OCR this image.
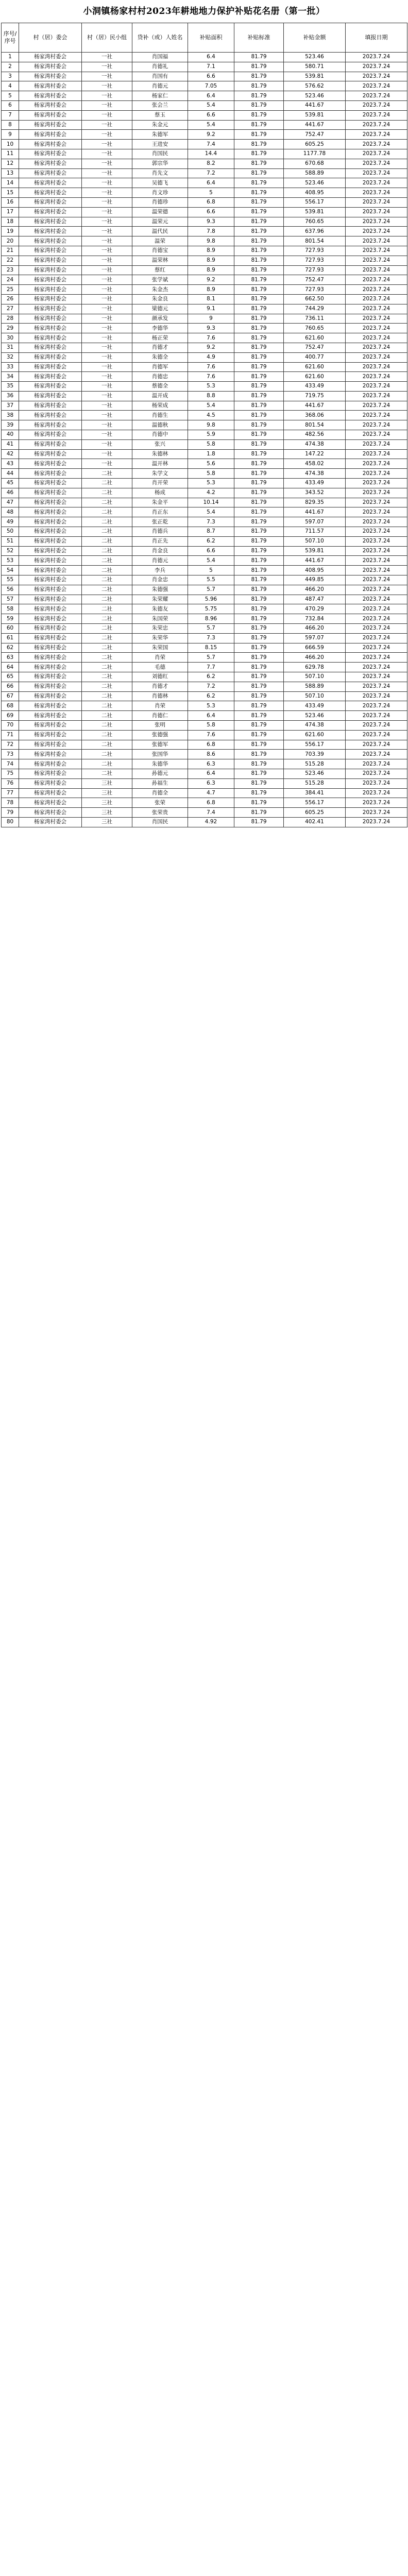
小洞镇杨家村村2023年耕地地力保护补贴花名册（第一批）
序号/序号	村（居）委会	村（居）民小组	贷补（或）人姓名	补贴面积	补贴标准	补贴金额	填报日期
1	杨家湾村委会	一社	肖国福	6.4	81.79	523.46	2023.7.24
2	杨家湾村委会	一社	肖德礼	7.1	81.79	580.71	2023.7.24
3	杨家湾村委会	一社	肖国有	6.6	81.79	539.81	2023.7.24
4	杨家湾村委会	一社	肖德元	7.05	81.79	576.62	2023.7.24
5	杨家湾村委会	一社	杨家仁	6.4	81.79	523.46	2023.7.24
6	杨家湾村委会	一社	张会兰	5.4	81.79	441.67	2023.7.24
7	杨家湾村委会	一社	蔡玉	6.6	81.79	539.81	2023.7.24
8	杨家湾村委会	一社	朱金元	5.4	81.79	441.67	2023.7.24
9	杨家湾村委会	一社	朱德军	9.2	81.79	752.47	2023.7.24
10	杨家湾村委会	一社	王进安	7.4	81.79	605.25	2023.7.24
11	杨家湾村委会	一社	肖国民	14.4	81.79	1177.78	2023.7.24
12	杨家湾村委会	一社	郭宗华	8.2	81.79	670.68	2023.7.24
13	杨家湾村委会	一社	肖先文	7.2	81.79	588.89	2023.7.24
14	杨家湾村委会	一社	吴德飞	6.4	81.79	523.46	2023.7.24
15	杨家湾村委会	一社	肖文珍	5	81.79	408.95	2023.7.24
16	杨家湾村委会	一社	肖德珍	6.8	81.79	556.17	2023.7.24
17	杨家湾村委会	一社	温荣德	6.6	81.79	539.81	2023.7.24
18	杨家湾村委会	一社	温荣元	9.3	81.79	760.65	2023.7.24
19	杨家湾村委会	一社	温代民	7.8	81.79	637.96	2023.7.24
20	杨家湾村委会	一社	温荣	9.8	81.79	801.54	2023.7.24
21	杨家湾村委会	一社	肖德宝	8.9	81.79	727.93	2023.7.24
22	杨家湾村委会	一社	温荣林	8.9	81.79	727.93	2023.7.24
23	杨家湾村委会	一社	蔡红	8.9	81.79	727.93	2023.7.24
24	杨家湾村委会	一社	张学斌	9.2	81.79	752.47	2023.7.24
25	杨家湾村委会	一社	朱金杰	8.9	81.79	727.93	2023.7.24
26	杨家湾村委会	一社	朱金良	8.1	81.79	662.50	2023.7.24
27	杨家湾村委会	一社	梁德元	9.1	81.79	744.29	2023.7.24
28	杨家湾村委会	一社	颜承发	9	81.79	736.11	2023.7.24
29	杨家湾村委会	一社	李德华	9.3	81.79	760.65	2023.7.24
30	杨家湾村委会	一社	杨正荣	7.6	81.79	621.60	2023.7.24
31	杨家湾村委会	一社	肖德才	9.2	81.79	752.47	2023.7.24
32	杨家湾村委会	一社	朱德全	4.9	81.79	400.77	2023.7.24
33	杨家湾村委会	一社	肖德军	7.6	81.79	621.60	2023.7.24
34	杨家湾村委会	一社	肖德忠	7.6	81.79	621.60	2023.7.24
35	杨家湾村委会	一社	蔡德全	5.3	81.79	433.49	2023.7.24
36	杨家湾村委会	一社	温开成	8.8	81.79	719.75	2023.7.24
37	杨家湾村委会	一社	杨荣成	5.4	81.79	441.67	2023.7.24
38	杨家湾村委会	一社	肖德生	4.5	81.79	368.06	2023.7.24
39	杨家湾村委会	一社	温德秋	9.8	81.79	801.54	2023.7.24
40	杨家湾村委会	一社	肖德中	5.9	81.79	482.56	2023.7.24
41	杨家湾村委会	一社	张兴	5.8	81.79	474.38	2023.7.24
42	杨家湾村委会	一社	朱德林	1.8	81.79	147.22	2023.7.24
43	杨家湾村委会	一社	温开林	5.6	81.79	458.02	2023.7.24
44	杨家湾村委会	二社	朱学文	5.8	81.79	474.38	2023.7.24
45	杨家湾村委会	二社	肖开荣	5.3	81.79	433.49	2023.7.24
46	杨家湾村委会	二社	杨成	4.2	81.79	343.52	2023.7.24
47	杨家湾村委会	二社	朱金平	10.14	81.79	829.35	2023.7.24
48	杨家湾村委会	二社	肖正东	5.4	81.79	441.67	2023.7.24
49	杨家湾村委会	二社	张正乾	7.3	81.79	597.07	2023.7.24
50	杨家湾村委会	二社	肖德兵	8.7	81.79	711.57	2023.7.24
51	杨家湾村委会	二社	肖正先	6.2	81.79	507.10	2023.7.24
52	杨家湾村委会	二社	肖金良	6.6	81.79	539.81	2023.7.24
53	杨家湾村委会	二社	肖德元	5.4	81.79	441.67	2023.7.24
54	杨家湾村委会	二社	李兵	5	81.79	408.95	2023.7.24
55	杨家湾村委会	二社	肖金忠	5.5	81.79	449.85	2023.7.24
56	杨家湾村委会	二社	朱德强	5.7	81.79	466.20	2023.7.24
57	杨家湾村委会	二社	朱荣耀	5.96	81.79	487.47	2023.7.24
58	杨家湾村委会	二社	朱德友	5.75	81.79	470.29	2023.7.24
59	杨家湾村委会	二社	朱国荣	8.96	81.79	732.84	2023.7.24
60	杨家湾村委会	二社	朱荣忠	5.7	81.79	466.20	2023.7.24
61	杨家湾村委会	二社	朱荣华	7.3	81.79	597.07	2023.7.24
62	杨家湾村委会	二社	朱荣国	8.15	81.79	666.59	2023.7.24
63	杨家湾村委会	二社	肖荣	5.7	81.79	466.20	2023.7.24
64	杨家湾村委会	二社	毛德	7.7	81.79	629.78	2023.7.24
65	杨家湾村委会	二社	刘德红	6.2	81.79	507.10	2023.7.24
66	杨家湾村委会	二社	肖德才	7.2	81.79	588.89	2023.7.24
67	杨家湾村委会	二社	肖德林	6.2	81.79	507.10	2023.7.24
68	杨家湾村委会	二社	肖荣	5.3	81.79	433.49	2023.7.24
69	杨家湾村委会	二社	肖德仁	6.4	81.79	523.46	2023.7.24
70	杨家湾村委会	二社	张明	5.8	81.79	474.38	2023.7.24
71	杨家湾村委会	二社	张德强	7.6	81.79	621.60	2023.7.24
72	杨家湾村委会	二社	张德军	6.8	81.79	556.17	2023.7.24
73	杨家湾村委会	二社	张国华	8.6	81.79	703.39	2023.7.24
74	杨家湾村委会	二社	朱德华	6.3	81.79	515.28	2023.7.24
75	杨家湾村委会	二社	孙德元	6.4	81.79	523.46	2023.7.24
76	杨家湾村委会	三社	孙福生	6.3	81.79	515.28	2023.7.24
77	杨家湾村委会	三社	肖德全	4.7	81.79	384.41	2023.7.24
78	杨家湾村委会	三社	张荣	6.8	81.79	556.17	2023.7.24
79	杨家湾村委会	三社	张荣贵	7.4	81.79	605.25	2023.7.24
80	杨家湾村委会	三社	肖国民	4.92	81.79	402.41	2023.7.24
